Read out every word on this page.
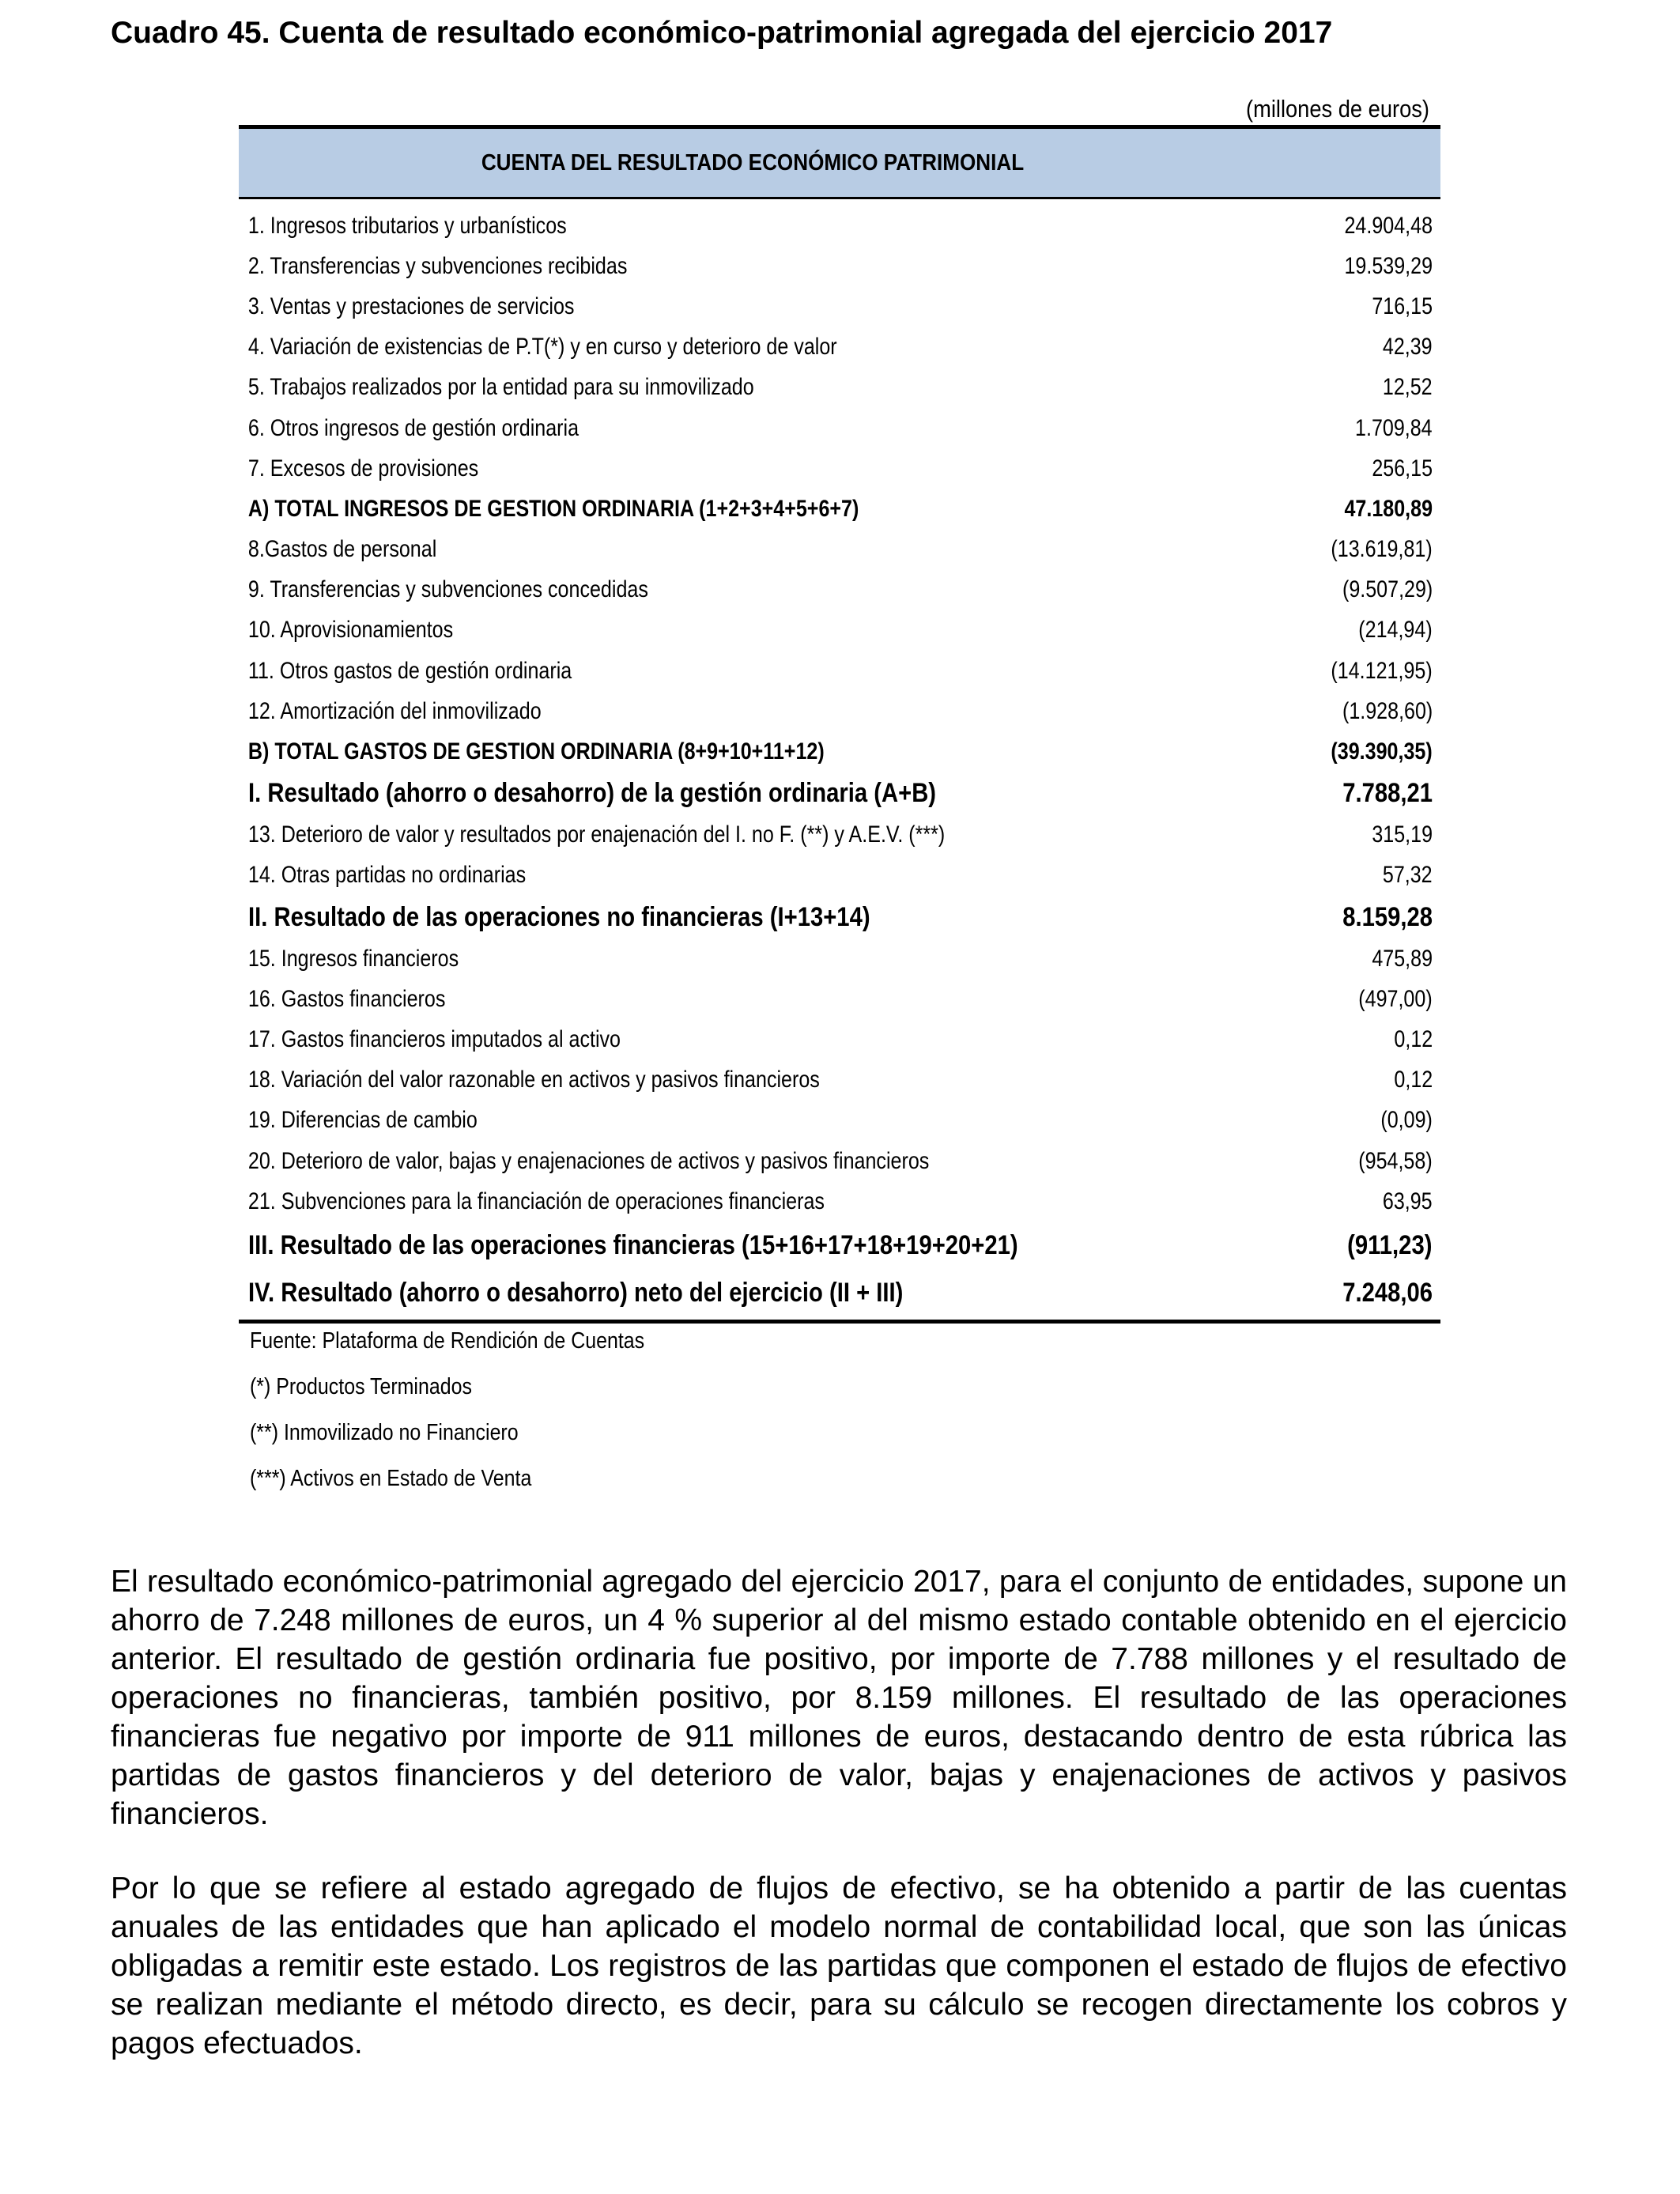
Cuadro 45. Cuenta de resultado económico-patrimonial agregada del ejercicio 2017
(millones de euros)
CUENTA DEL RESULTADO ECONÓMICO PATRIMONIAL
1. Ingresos tributarios y urbanísticos	24.904,48
2. Transferencias y subvenciones recibidas	19.539,29
3. Ventas y prestaciones de servicios	716,15
4. Variación de existencias de P.T(*) y en curso y deterioro de valor	42,39
5. Trabajos realizados por la entidad para su inmovilizado	12,52
6. Otros ingresos de gestión ordinaria	1.709,84
7. Excesos de provisiones	256,15
A) TOTAL INGRESOS DE GESTION ORDINARIA (1+2+3+4+5+6+7)	47.180,89
8.Gastos de personal	(13.619,81)
9. Transferencias y subvenciones concedidas	(9.507,29)
10. Aprovisionamientos	(214,94)
11. Otros gastos de gestión ordinaria	(14.121,95)
12. Amortización del inmovilizado	(1.928,60)
B) TOTAL GASTOS DE GESTION ORDINARIA (8+9+10+11+12)	(39.390,35)
I. Resultado (ahorro o desahorro) de la gestión ordinaria (A+B)	7.788,21
13. Deterioro de valor y resultados por enajenación del I. no F. (**) y A.E.V. (***)	315,19
14. Otras partidas no ordinarias	57,32
II. Resultado de las operaciones no financieras (I+13+14)	8.159,28
15. Ingresos financieros	475,89
16. Gastos financieros	(497,00)
17. Gastos financieros imputados al activo	0,12
18. Variación del valor razonable en activos y pasivos financieros	0,12
19. Diferencias de cambio	(0,09)
20. Deterioro de valor, bajas y enajenaciones de activos y pasivos financieros	(954,58)
21. Subvenciones para la financiación de operaciones financieras	63,95
III. Resultado de las operaciones financieras (15+16+17+18+19+20+21)	(911,23)
IV. Resultado (ahorro o desahorro) neto del ejercicio (II + III)	7.248,06
Fuente: Plataforma de Rendición de Cuentas
(*) Productos Terminados
(**) Inmovilizado no Financiero
(***) Activos en Estado de Venta

El resultado económico-patrimonial agregado del ejercicio 2017, para el conjunto de entidades, supone un ahorro de 7.248 millones de euros, un 4 % superior al del mismo estado contable obtenido en el ejercicio anterior. El resultado de gestión ordinaria fue positivo, por importe de 7.788 millones y el resultado de operaciones no financieras, también positivo, por 8.159 millones. El resultado de las operaciones financieras fue negativo por importe de 911 millones de euros, destacando dentro de esta rúbrica las partidas de gastos financieros y del deterioro de valor, bajas y enajenaciones de activos y pasivos financieros.

Por lo que se refiere al estado agregado de flujos de efectivo, se ha obtenido a partir de las cuentas anuales de las entidades que han aplicado el modelo normal de contabilidad local, que son las únicas obligadas a remitir este estado. Los registros de las partidas que componen el estado de flujos de efectivo se realizan mediante el método directo, es decir, para su cálculo se recogen directamente los cobros y pagos efectuados.
